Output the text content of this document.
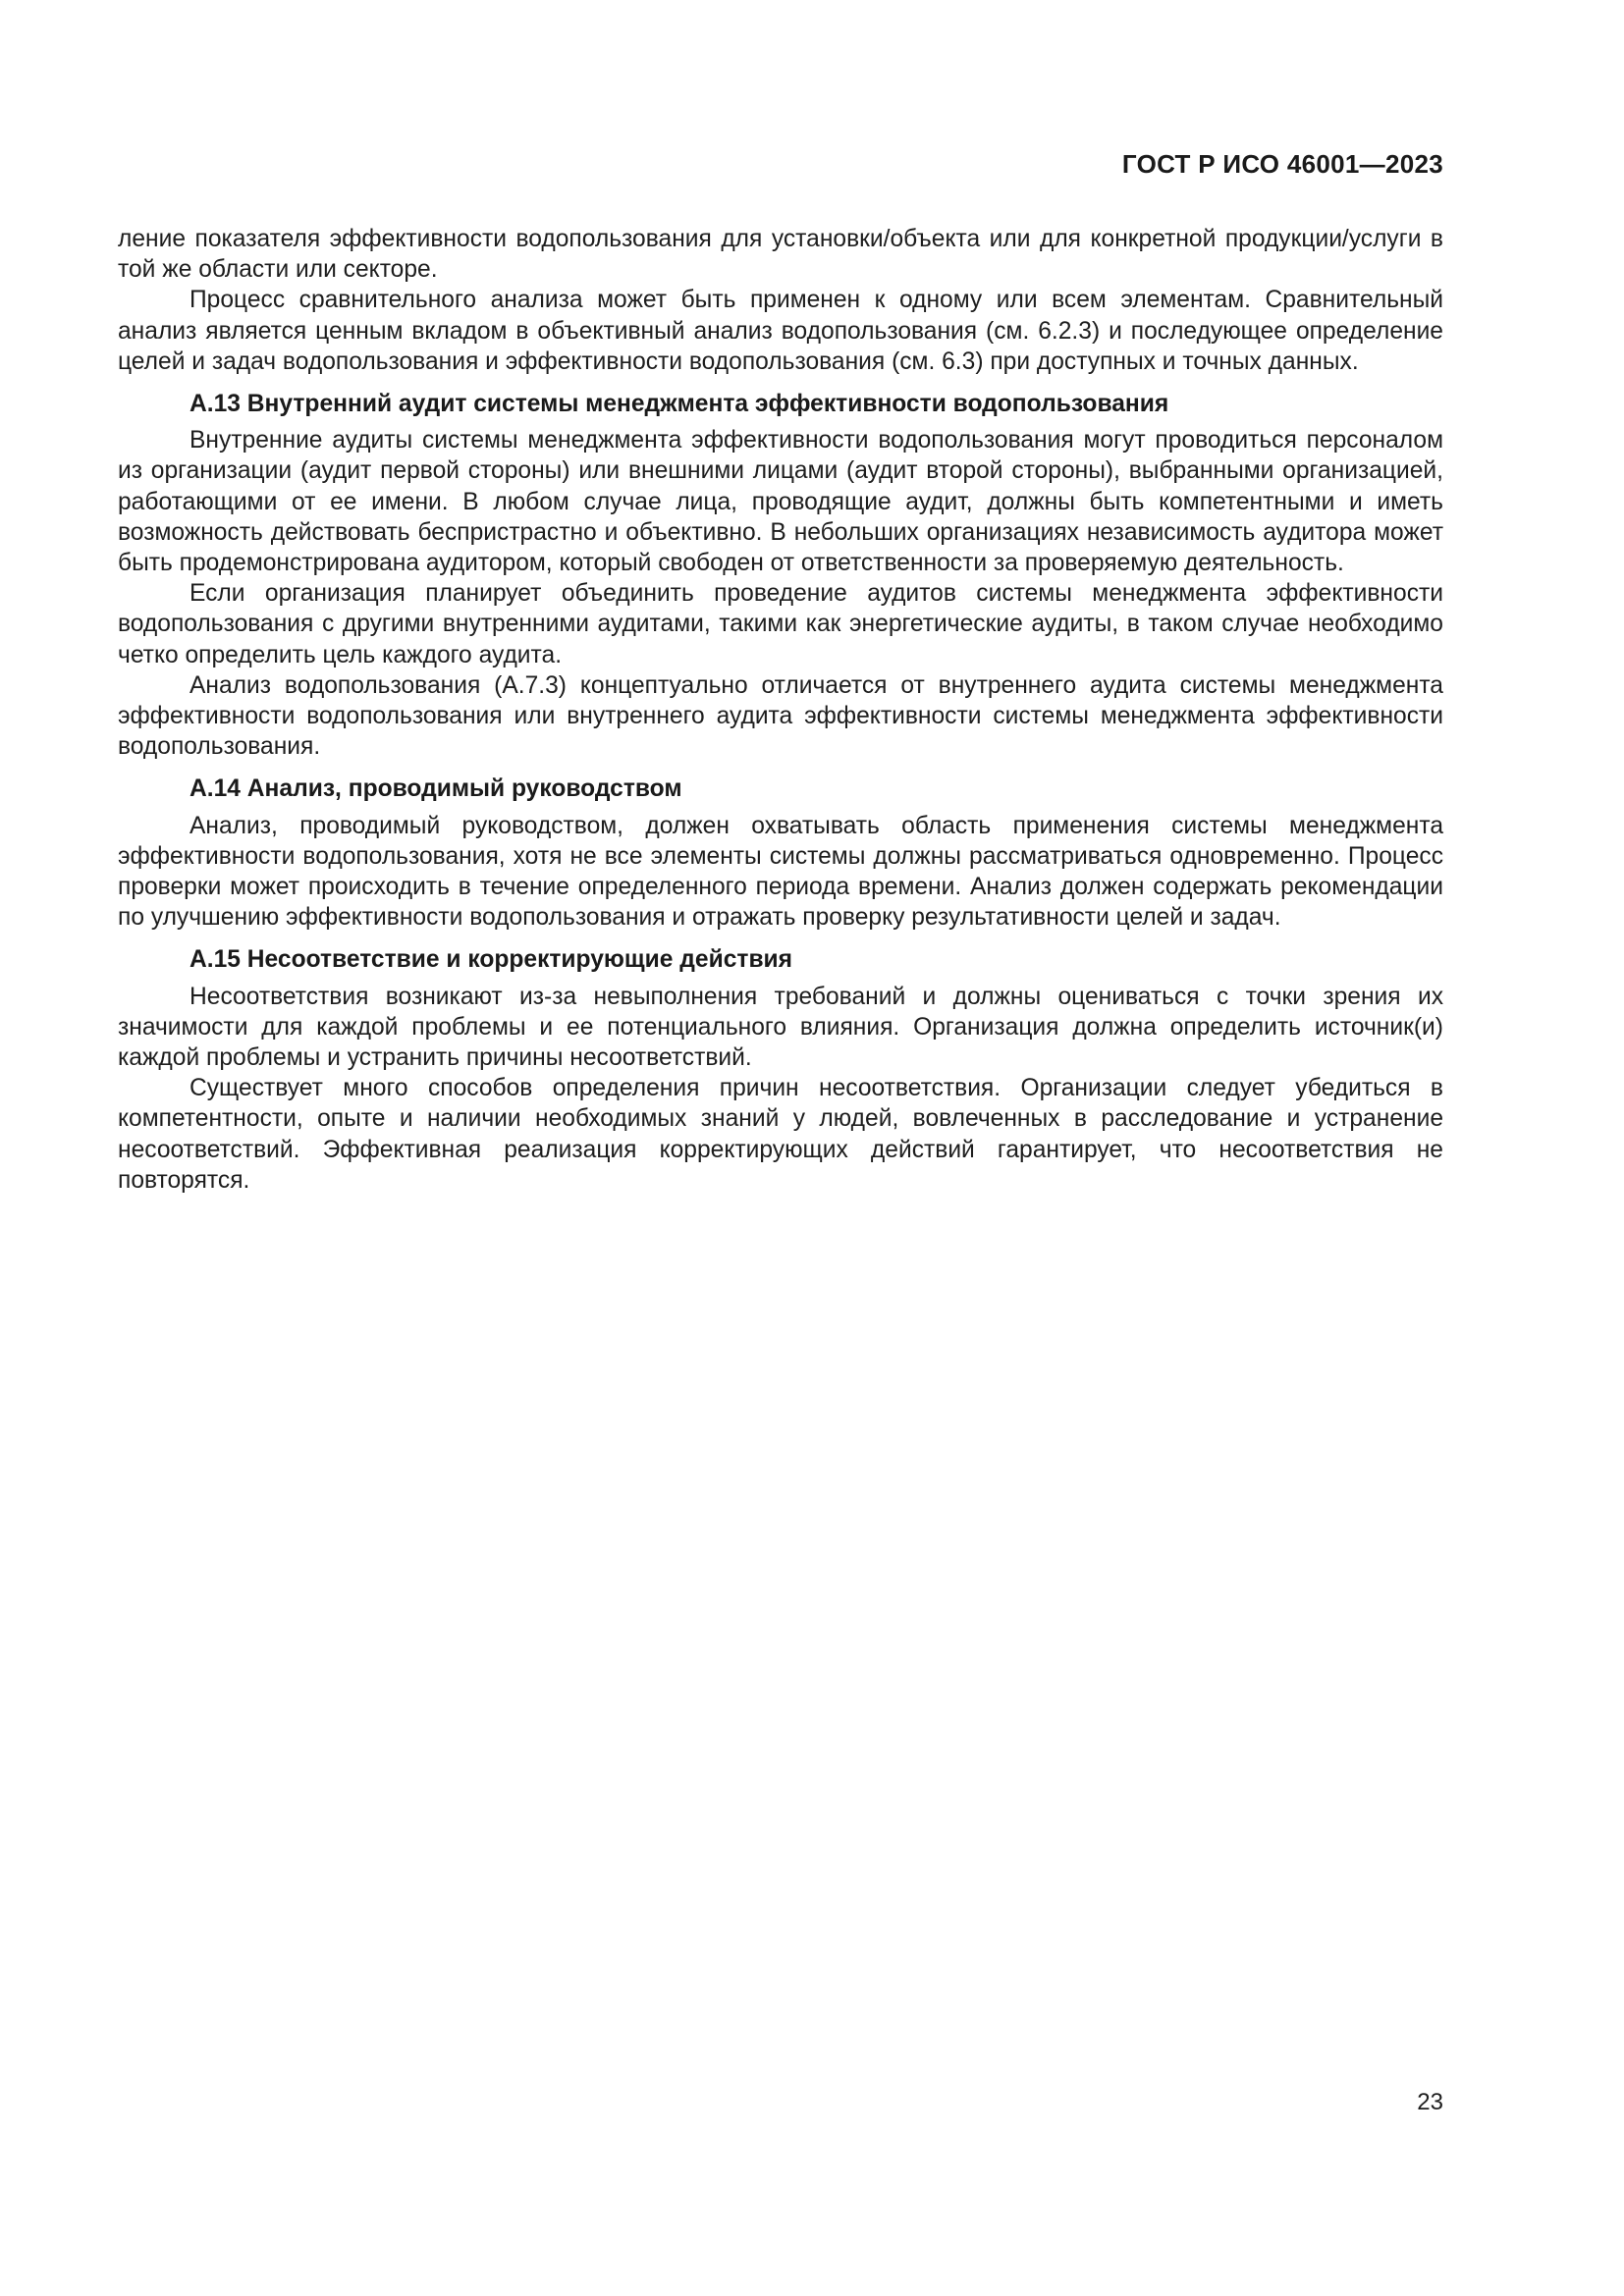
ГОСТ Р ИСО 46001—2023

ление показателя эффективности водопользования для установки/объекта или для конкретной продукции/услуги в той же области или секторе.

Процесс сравнительного анализа может быть применен к одному или всем элементам. Сравнительный анализ является ценным вкладом в объективный анализ водопользования (см. 6.2.3) и последующее определение целей и задач водопользования и эффективности водопользования (см. 6.3) при доступных и точных данных.

А.13 Внутренний аудит системы менеджмента эффективности водопользования

Внутренние аудиты системы менеджмента эффективности водопользования могут проводиться персоналом из организации (аудит первой стороны) или внешними лицами (аудит второй стороны), выбранными организацией, работающими от ее имени. В любом случае лица, проводящие аудит, должны быть компетентными и иметь возможность действовать беспристрастно и объективно. В небольших организациях независимость аудитора может быть продемонстрирована аудитором, который свободен от ответственности за проверяемую деятельность.

Если организация планирует объединить проведение аудитов системы менеджмента эффективности водопользования с другими внутренними аудитами, такими как энергетические аудиты, в таком случае необходимо четко определить цель каждого аудита.

Анализ водопользования (А.7.3) концептуально отличается от внутреннего аудита системы менеджмента эффективности водопользования или внутреннего аудита эффективности системы менеджмента эффективности водопользования.

А.14 Анализ, проводимый руководством

Анализ, проводимый руководством, должен охватывать область применения системы менеджмента эффективности водопользования, хотя не все элементы системы должны рассматриваться одновременно. Процесс проверки может происходить в течение определенного периода времени. Анализ должен содержать рекомендации по улучшению эффективности водопользования и отражать проверку результативности целей и задач.

А.15 Несоответствие и корректирующие действия

Несоответствия возникают из-за невыполнения требований и должны оцениваться с точки зрения их значимости для каждой проблемы и ее потенциального влияния. Организация должна определить источник(и) каждой проблемы и устранить причины несоответствий.

Существует много способов определения причин несоответствия. Организации следует убедиться в компетентности, опыте и наличии необходимых знаний у людей, вовлеченных в расследование и устранение несоответствий. Эффективная реализация корректирующих действий гарантирует, что несоответствия не повторятся.

23
